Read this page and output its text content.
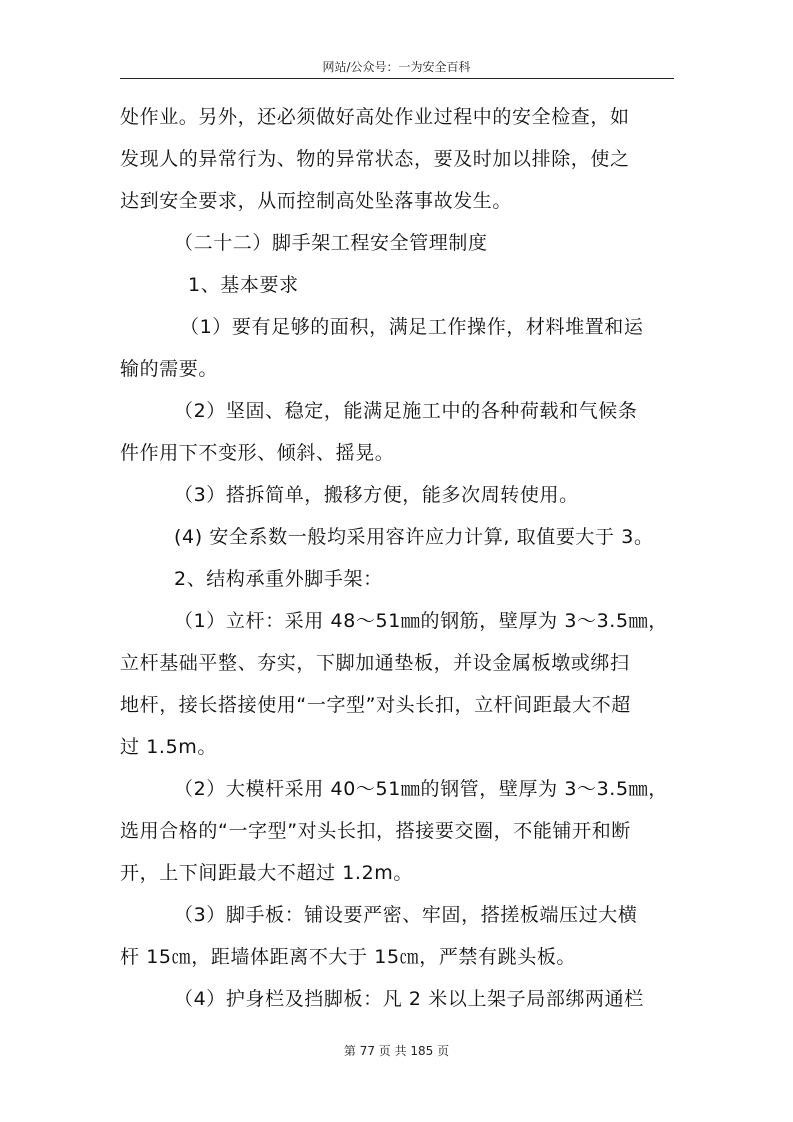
网站/公众号：一为安全百科
处作业。另外，还必须做好高处作业过程中的安全检查，如
发现人的异常行为、物的异常状态，要及时加以排除，使之
达到安全要求，从而控制高处坠落事故发生。
（二十二）脚手架工程安全管理制度
1、基本要求
（1）要有足够的面积，满足工作操作，材料堆置和运
输的需要。
（2）坚固、稳定，能满足施工中的各种荷载和气候条
件作用下不变形、倾斜、摇晃。
（3）搭拆简单，搬移方便，能多次周转使用。
(4) 安全系数一般均采用容许应力计算, 取值要大于 3。
2、结构承重外脚手架：
（1）立杆：采用 48～51㎜的钢筋，壁厚为 3～3.5㎜，
立杆基础平整、夯实，下脚加通垫板，并设金属板墩或绑扫
地杆，接长搭接使用“一字型”对头长扣，立杆间距最大不超
过 1.5m。
（2）大模杆采用 40～51㎜的钢管，壁厚为 3～3.5㎜，
选用合格的“一字型”对头长扣，搭接要交圈，不能铺开和断
开，上下间距最大不超过 1.2m。
（3）脚手板：铺设要严密、牢固，搭搓板端压过大横
杆 15㎝，距墙体距离不大于 15㎝，严禁有跳头板。
（4）护身栏及挡脚板：凡 2 米以上架子局部绑两通栏
第 77 页 共 185 页
